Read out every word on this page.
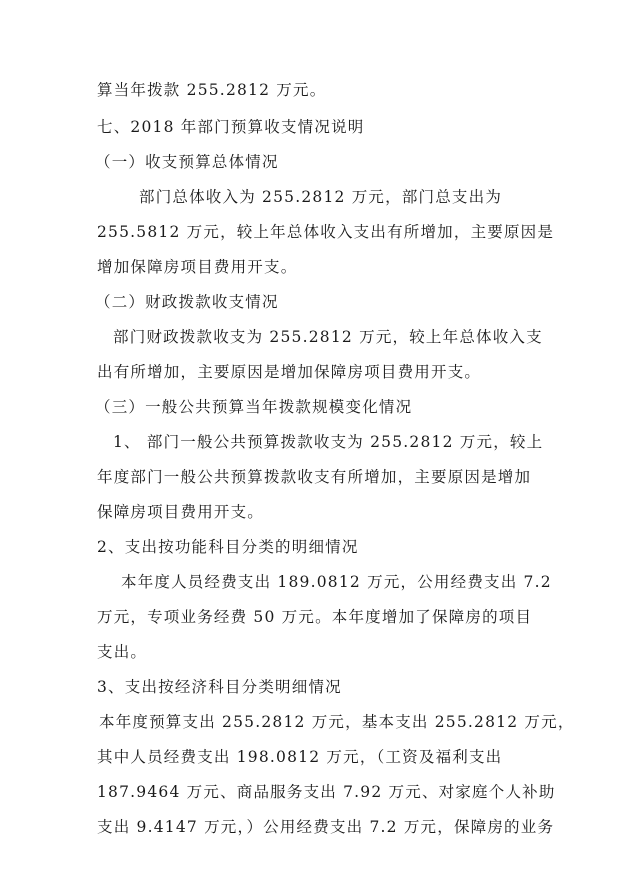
算当年拨款 255.2812 万元。

七、2018 年部门预算收支情况说明

（一）收支预算总体情况

部门总体收入为 255.2812 万元，部门总支出为

255.5812 万元，较上年总体收入支出有所增加，主要原因是

增加保障房项目费用开支。

（二）财政拨款收支情况

部门财政拨款收支为 255.2812 万元，较上年总体收入支

出有所增加，主要原因是增加保障房项目费用开支。

（三）一般公共预算当年拨款规模变化情况

1、 部门一般公共预算拨款收支为 255.2812 万元，较上

年度部门一般公共预算拨款收支有所增加，主要原因是增加

保障房项目费用开支。

2、支出按功能科目分类的明细情况

本年度人员经费支出 189.0812 万元，公用经费支出 7.2

万元，专项业务经费 50 万元。本年度增加了保障房的项目

支出。

3、支出按经济科目分类明细情况

本年度预算支出 255.2812 万元，基本支出 255.2812 万元，

其中人员经费支出 198.0812 万元，（工资及福利支出

187.9464 万元、商品服务支出 7.92 万元、对家庭个人补助

支出 9.4147 万元，）公用经费支出 7.2 万元，保障房的业务
